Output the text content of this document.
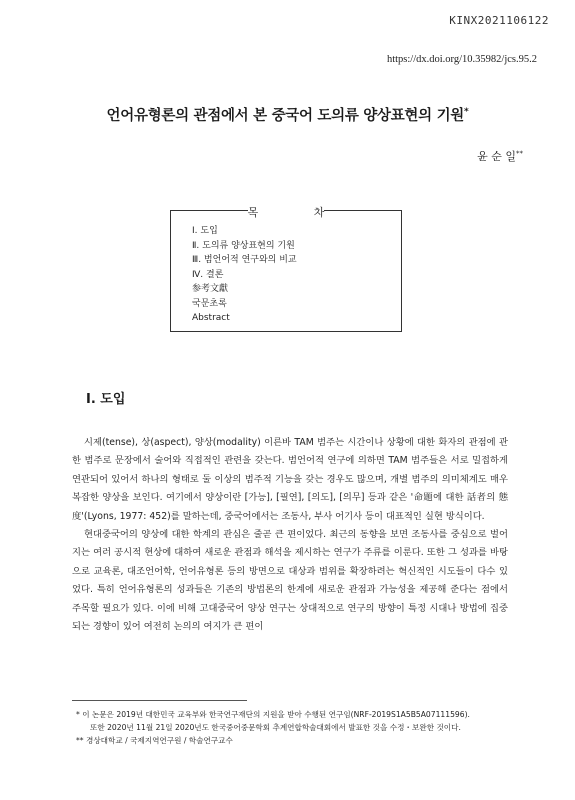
KINX2021106122
https://dx.doi.org/10.35982/jcs.95.2
언어유형론의 관점에서 본 중국어 도의류 양상표현의 기원*
윤 순 일**
목 차
Ⅰ. 도입
Ⅱ. 도의류 양상표현의 기원
Ⅲ. 범언어적 연구와의 비교
Ⅳ. 결론
参考文獻
국문초록
Abstract
Ⅰ. 도입

시제(tense), 상(aspect), 양상(modality) 이른바 TAM 범주는 시간이나 상황에 대한 화자의 관점에 관한 범주로 문장에서 술어와 직접적인 관련을 갖는다. 범언어적 연구에 의하면 TAM 범주들은 서로 밀접하게 연관되어 있어서 하나의 형태로 둘 이상의 범주적 기능을 갖는 경우도 많으며, 개별 범주의 의미체계도 매우 복잡한 양상을 보인다. 여기에서 양상이란 [가능], [필연], [의도], [의무] 등과 같은 '命題에 대한 話者의 態度'(Lyons, 1977: 452)를 말하는데, 중국어에서는 조동사, 부사 어기사 등이 대표적인 실현 방식이다.

현대중국어의 양상에 대한 학계의 관심은 줄곧 큰 편이었다. 최근의 동향을 보면 조동사를 중심으로 벌어지는 여러 공시적 현상에 대하여 새로운 관점과 해석을 제시하는 연구가 주류를 이룬다. 또한 그 성과를 바탕으로 교육론, 대조언어학, 언어유형론 등의 방면으로 대상과 범위를 확장하려는 혁신적인 시도들이 다수 있었다. 특히 언어유형론의 성과들은 기존의 방법론의 한계에 새로운 관점과 가능성을 제공해 준다는 점에서 주목할 필요가 있다. 이에 비해 고대중국어 양상 연구는 상대적으로 연구의 방향이 특정 시대나 방법에 집중되는 경향이 있어 여전히 논의의 여지가 큰 편이

* 이 논문은 2019년 대한민국 교육부와 한국연구재단의 지원을 받아 수행된 연구임(NRF-2019S1A5B5A07111596).

또한 2020년 11월 21일 2020년도 한국중어중문학회 추계연합학술대회에서 발표한 것을 수정・보완한 것이다.

** 경상대학교 / 국제지역연구원 / 학술연구교수
